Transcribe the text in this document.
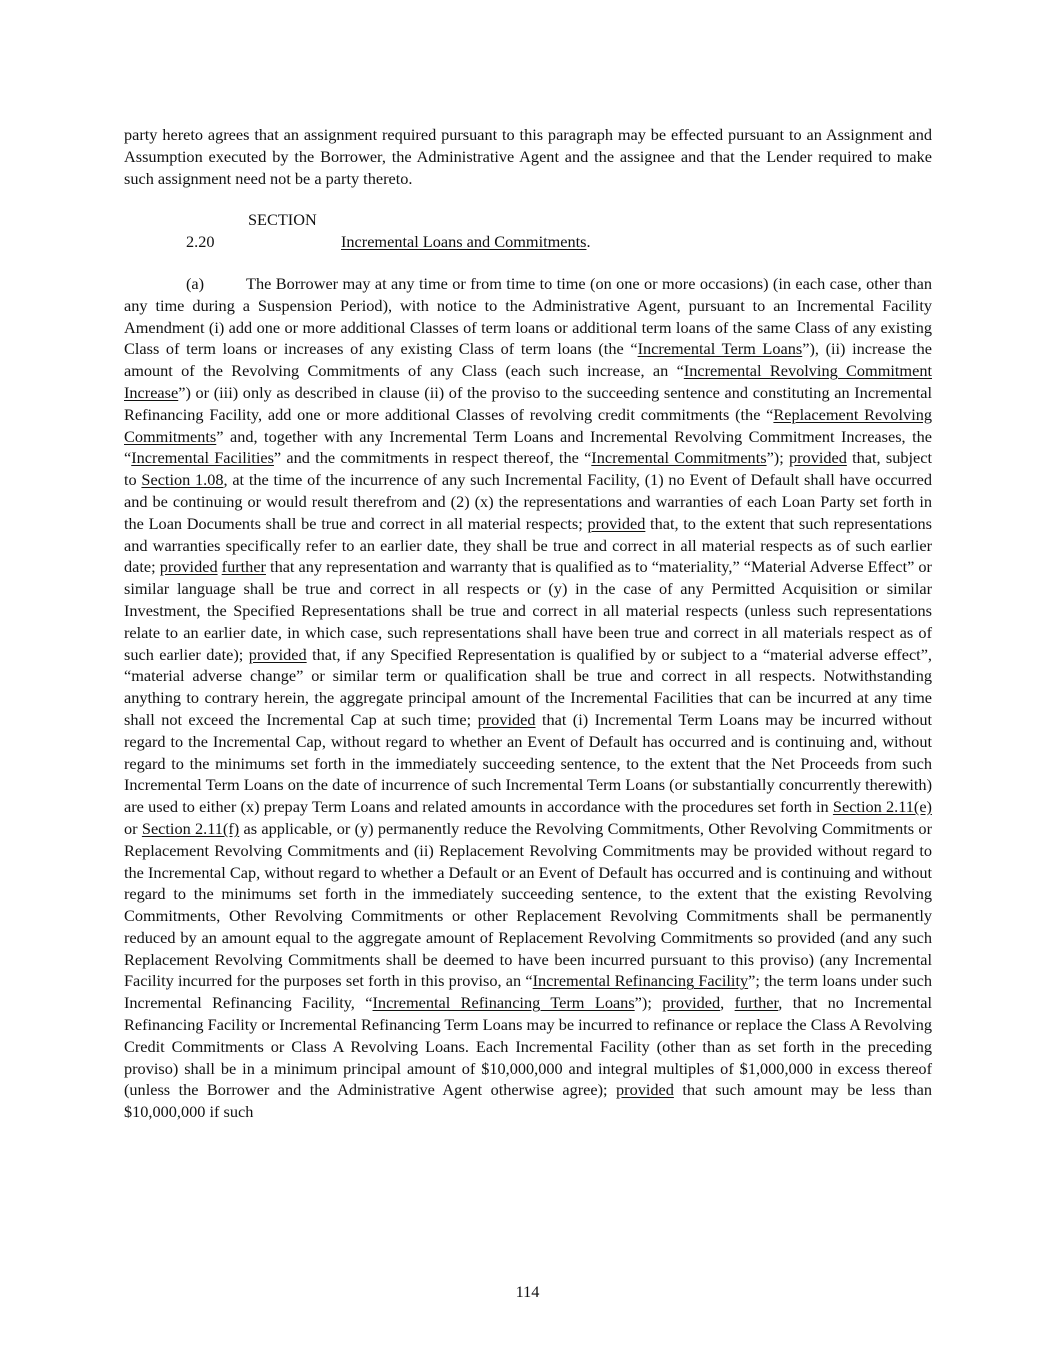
party hereto agrees that an assignment required pursuant to this paragraph may be effected pursuant to an Assignment and Assumption executed by the Borrower, the Administrative Agent and the assignee and that the Lender required to make such assignment need not be a party thereto.

SECTION 2.20	Incremental Loans and Commitments.

(a)	The Borrower may at any time or from time to time (on one or more occasions) (in each case, other than any time during a Suspension Period), with notice to the Administrative Agent, pursuant to an Incremental Facility Amendment (i) add one or more additional Classes of term loans or additional term loans of the same Class of any existing Class of term loans or increases of any existing Class of term loans (the “Incremental Term Loans”), (ii) increase the amount of the Revolving Commitments of any Class (each such increase, an “Incremental Revolving Commitment Increase”) or (iii) only as described in clause (ii) of the proviso to the succeeding sentence and constituting an Incremental Refinancing Facility, add one or more additional Classes of revolving credit commitments (the “Replacement Revolving Commitments” and, together with any Incremental Term Loans and Incremental Revolving Commitment Increases, the “Incremental Facilities” and the commitments in respect thereof, the “Incremental Commitments”); provided that, subject to Section 1.08, at the time of the incurrence of any such Incremental Facility, (1) no Event of Default shall have occurred and be continuing or would result therefrom and (2) (x) the representations and warranties of each Loan Party set forth in the Loan Documents shall be true and correct in all material respects; provided that, to the extent that such representations and warranties specifically refer to an earlier date, they shall be true and correct in all material respects as of such earlier date; provided further that any representation and warranty that is qualified as to “materiality,” “Material Adverse Effect” or similar language shall be true and correct in all respects or (y) in the case of any Permitted Acquisition or similar Investment, the Specified Representations shall be true and correct in all material respects (unless such representations relate to an earlier date, in which case, such representations shall have been true and correct in all materials respect as of such earlier date); provided that, if any Specified Representation is qualified by or subject to a “material adverse effect”, “material adverse change” or similar term or qualification shall be true and correct in all respects. Notwithstanding anything to contrary herein, the aggregate principal amount of the Incremental Facilities that can be incurred at any time shall not exceed the Incremental Cap at such time; provided that (i) Incremental Term Loans may be incurred without regard to the Incremental Cap, without regard to whether an Event of Default has occurred and is continuing and, without regard to the minimums set forth in the immediately succeeding sentence, to the extent that the Net Proceeds from such Incremental Term Loans on the date of incurrence of such Incremental Term Loans (or substantially concurrently therewith) are used to either (x) prepay Term Loans and related amounts in accordance with the procedures set forth in Section 2.11(e) or Section 2.11(f) as applicable, or (y) permanently reduce the Revolving Commitments, Other Revolving Commitments or Replacement Revolving Commitments and (ii) Replacement Revolving Commitments may be provided without regard to the Incremental Cap, without regard to whether a Default or an Event of Default has occurred and is continuing and without regard to the minimums set forth in the immediately succeeding sentence, to the extent that the existing Revolving Commitments, Other Revolving Commitments or other Replacement Revolving Commitments shall be permanently reduced by an amount equal to the aggregate amount of Replacement Revolving Commitments so provided (and any such Replacement Revolving Commitments shall be deemed to have been incurred pursuant to this proviso) (any Incremental Facility incurred for the purposes set forth in this proviso, an “Incremental Refinancing Facility”; the term loans under such Incremental Refinancing Facility, “Incremental Refinancing Term Loans”); provided, further, that no Incremental Refinancing Facility or Incremental Refinancing Term Loans may be incurred to refinance or replace the Class A Revolving Credit Commitments or Class A Revolving Loans. Each Incremental Facility (other than as set forth in the preceding proviso) shall be in a minimum principal amount of $10,000,000 and integral multiples of $1,000,000 in excess thereof (unless the Borrower and the Administrative Agent otherwise agree); provided that such amount may be less than $10,000,000 if such

114
